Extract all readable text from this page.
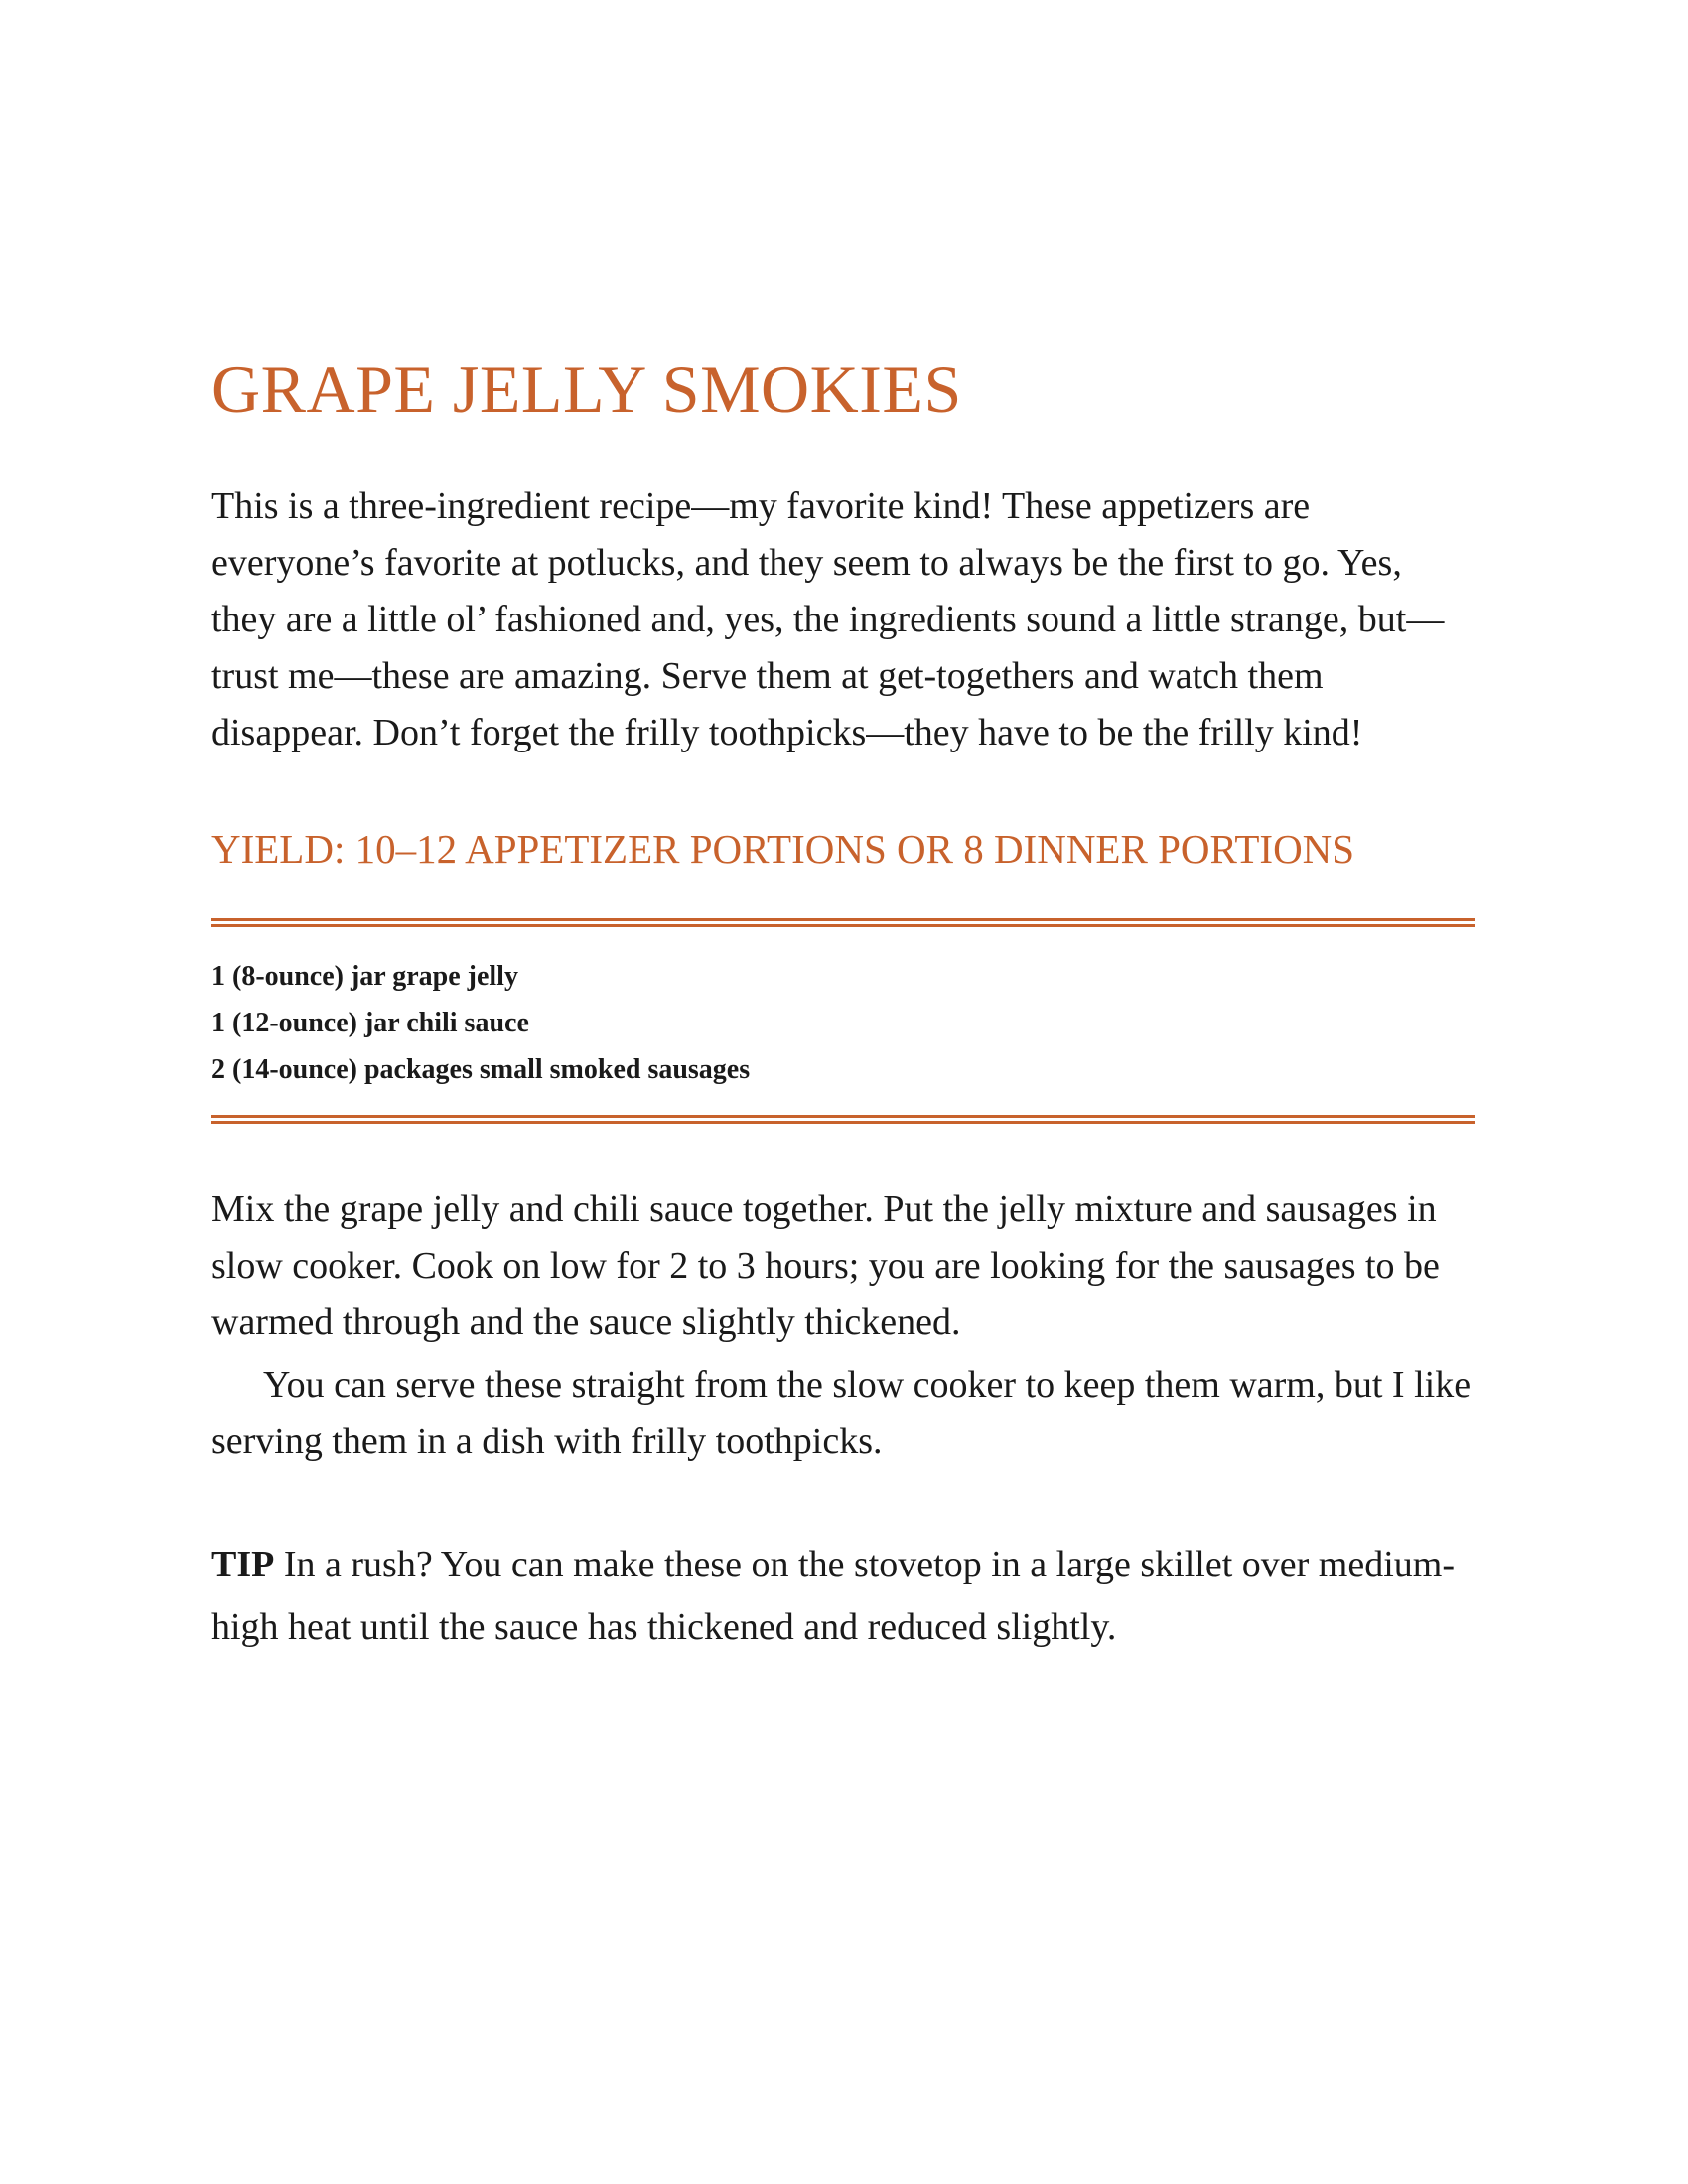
GRAPE JELLY SMOKIES

This is a three-ingredient recipe—my favorite kind! These appetizers are everyone’s favorite at potlucks, and they seem to always be the first to go. Yes, they are a little ol’ fashioned and, yes, the ingredients sound a little strange, but—trust me—these are amazing. Serve them at get-togethers and watch them disappear. Don’t forget the frilly toothpicks—they have to be the frilly kind!

YIELD: 10–12 APPETIZER PORTIONS OR 8 DINNER PORTIONS
1 (8-ounce) jar grape jelly
1 (12-ounce) jar chili sauce
2 (14-ounce) packages small smoked sausages

Mix the grape jelly and chili sauce together. Put the jelly mixture and sausages in slow cooker. Cook on low for 2 to 3 hours; you are looking for the sausages to be warmed through and the sauce slightly thickened.

You can serve these straight from the slow cooker to keep them warm, but I like serving them in a dish with frilly toothpicks.

TIP In a rush? You can make these on the stovetop in a large skillet over medium-high heat until the sauce has thickened and reduced slightly.
